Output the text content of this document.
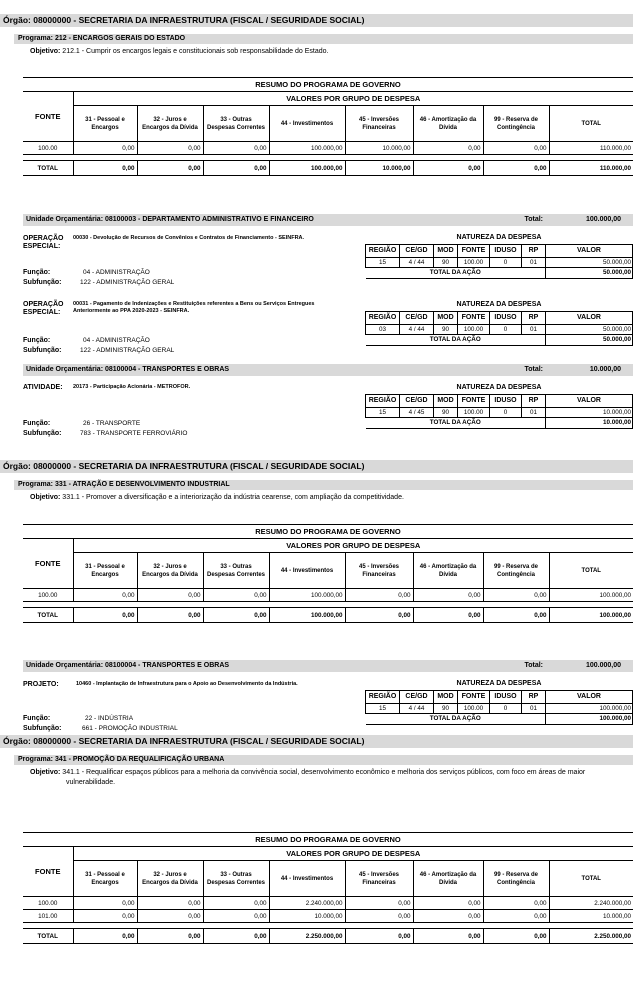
Órgão: 08000000 - SECRETARIA DA INFRAESTRUTURA (FISCAL / SEGURIDADE SOCIAL)
Programa: 212 - ENCARGOS GERAIS DO ESTADO
Objetivo: 212.1 - Cumprir os encargos legais e constitucionais sob responsabilidade do Estado.
RESUMO DO PROGRAMA DE GOVERNO								
FONTE	VALORES POR GRUPO DE DESPESA							
	31 - Pessoal e Encargos	32 - Juros e Encargos da Dívida	33 - Outras Despesas Correntes	44 - Investimentos	45 - Inversões Financeiras	46 - Amortização da Dívida	99 - Reserva de Contingência	TOTAL
100.00	0,00	0,00	0,00	100.000,00	10.000,00	0,00	0,00	110.000,00

TOTAL	0,00	0,00	0,00	100.000,00	10.000,00	0,00	0,00	110.000,00
Unidade Orçamentária: 08100003 - DEPARTAMENTO ADMINISTRATIVO E FINANCEIRO	Total:	100.000,00
OPERAÇÃO ESPECIAL:
00030 - Devolução de Recursos de Convênios e Contratos de Financiamento - SEINFRA.
Função:	04 - ADMINISTRAÇÃO
Subfunção:	122 - ADMINISTRAÇÃO GERAL
NATUREZA DA DESPESA						
REGIÃO	CE/GD	MOD	FONTE	IDUSO	RP	VALOR
15	4 / 44	90	100.00	0	01	50.000,00
TOTAL DA AÇÃO						50.000,00
OPERAÇÃO ESPECIAL:
00031 - Pagamento de Indenizações e Restituições referentes a Bens ou Serviços Entregues Anteriormente ao PPA 2020-2023 - SEINFRA.
Função:	04 - ADMINISTRAÇÃO
Subfunção:	122 - ADMINISTRAÇÃO GERAL
NATUREZA DA DESPESA						
REGIÃO	CE/GD	MOD	FONTE	IDUSO	RP	VALOR
03	4 / 44	90	100.00	0	01	50.000,00
TOTAL DA AÇÃO						50.000,00
Unidade Orçamentária: 08100004 - TRANSPORTES E OBRAS	Total:	10.000,00
ATIVIDADE:	20173 - Participação Acionária - METROFOR.
Função:	26 - TRANSPORTE
Subfunção:	783 - TRANSPORTE FERROVIÁRIO
NATUREZA DA DESPESA						
REGIÃO	CE/GD	MOD	FONTE	IDUSO	RP	VALOR
15	4 / 45	90	100.00	0	01	10.000,00
TOTAL DA AÇÃO						10.000,00
Órgão: 08000000 - SECRETARIA DA INFRAESTRUTURA (FISCAL / SEGURIDADE SOCIAL)
Programa: 331 - ATRAÇÃO E DESENVOLVIMENTO INDUSTRIAL
Objetivo: 331.1 - Promover a diversificação e a interiorização da indústria cearense, com ampliação da competitividade.
RESUMO DO PROGRAMA DE GOVERNO								
FONTE	VALORES POR GRUPO DE DESPESA							
	31 - Pessoal e Encargos	32 - Juros e Encargos da Dívida	33 - Outras Despesas Correntes	44 - Investimentos	45 - Inversões Financeiras	46 - Amortização da Dívida	99 - Reserva de Contingência	TOTAL
100.00	0,00	0,00	0,00	100.000,00	0,00	0,00	0,00	100.000,00

TOTAL	0,00	0,00	0,00	100.000,00	0,00	0,00	0,00	100.000,00
Unidade Orçamentária: 08100004 - TRANSPORTES E OBRAS	Total:	100.000,00
PROJETO:	10460 - Implantação de Infraestrutura para o Apoio ao Desenvolvimento da Indústria.
Função:	22 - INDÚSTRIA
Subfunção:	661 - PROMOÇÃO INDUSTRIAL
NATUREZA DA DESPESA						
REGIÃO	CE/GD	MOD	FONTE	IDUSO	RP	VALOR
15	4 / 44	90	100.00	0	01	100.000,00
TOTAL DA AÇÃO						100.000,00
Órgão: 08000000 - SECRETARIA DA INFRAESTRUTURA (FISCAL / SEGURIDADE SOCIAL)
Programa: 341 - PROMOÇÃO DA REQUALIFICAÇÃO URBANA
Objetivo: 341.1 - Requalificar espaços públicos para a melhoria da convivência social, desenvolvimento econômico e melhoria dos serviços públicos, com foco em áreas de maior vulnerabilidade.
RESUMO DO PROGRAMA DE GOVERNO								
FONTE	VALORES POR GRUPO DE DESPESA							
	31 - Pessoal e Encargos	32 - Juros e Encargos da Dívida	33 - Outras Despesas Correntes	44 - Investimentos	45 - Inversões Financeiras	46 - Amortização da Dívida	99 - Reserva de Contingência	TOTAL
100.00	0,00	0,00	0,00	2.240.000,00	0,00	0,00	0,00	2.240.000,00
101.00	0,00	0,00	0,00	10.000,00	0,00	0,00	0,00	10.000,00

TOTAL	0,00	0,00	0,00	2.250.000,00	0,00	0,00	0,00	2.250.000,00
